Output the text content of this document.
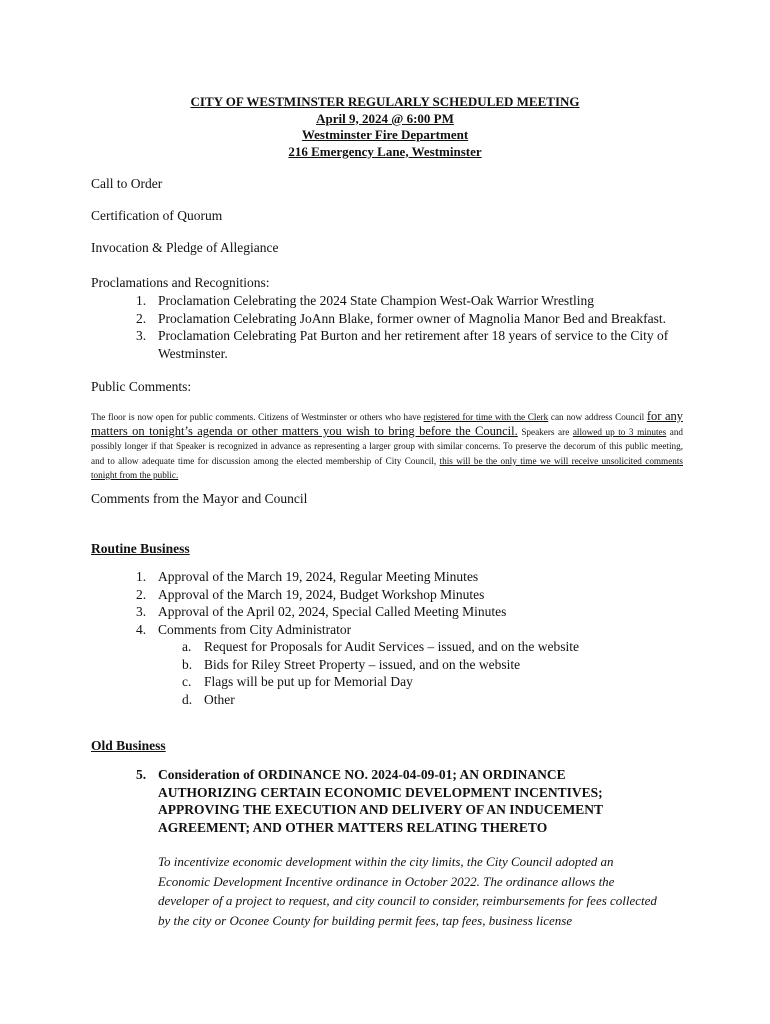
CITY OF WESTMINSTER REGULARLY SCHEDULED MEETING
April 9, 2024 @ 6:00 PM
Westminster Fire Department
216 Emergency Lane, Westminster
Call to Order
Certification of Quorum
Invocation & Pledge of Allegiance
Proclamations and Recognitions:
1. Proclamation Celebrating the 2024 State Champion West-Oak Warrior Wrestling
2. Proclamation Celebrating JoAnn Blake, former owner of Magnolia Manor Bed and Breakfast.
3. Proclamation Celebrating Pat Burton and her retirement after 18 years of service to the City of Westminster.
Public Comments:
The floor is now open for public comments. Citizens of Westminster or others who have registered for time with the Clerk can now address Council for any matters on tonight’s agenda or other matters you wish to bring before the Council. Speakers are allowed up to 3 minutes and possibly longer if that Speaker is recognized in advance as representing a larger group with similar concerns. To preserve the decorum of this public meeting, and to allow adequate time for discussion among the elected membership of City Council, this will be the only time we will receive unsolicited comments tonight from the public.
Comments from the Mayor and Council
Routine Business
1. Approval of the March 19, 2024, Regular Meeting Minutes
2. Approval of the March 19, 2024, Budget Workshop Minutes
3. Approval of the April 02, 2024, Special Called Meeting Minutes
4. Comments from City Administrator
a. Request for Proposals for Audit Services – issued, and on the website
b. Bids for Riley Street Property – issued, and on the website
c. Flags will be put up for Memorial Day
d. Other
Old Business
5. Consideration of ORDINANCE NO. 2024-04-09-01; AN ORDINANCE AUTHORIZING CERTAIN ECONOMIC DEVELOPMENT INCENTIVES; APPROVING THE EXECUTION AND DELIVERY OF AN INDUCEMENT AGREEMENT; AND OTHER MATTERS RELATING THERETO
To incentivize economic development within the city limits, the City Council adopted an Economic Development Incentive ordinance in October 2022. The ordinance allows the developer of a project to request, and city council to consider, reimbursements for fees collected by the city or Oconee County for building permit fees, tap fees, business license
